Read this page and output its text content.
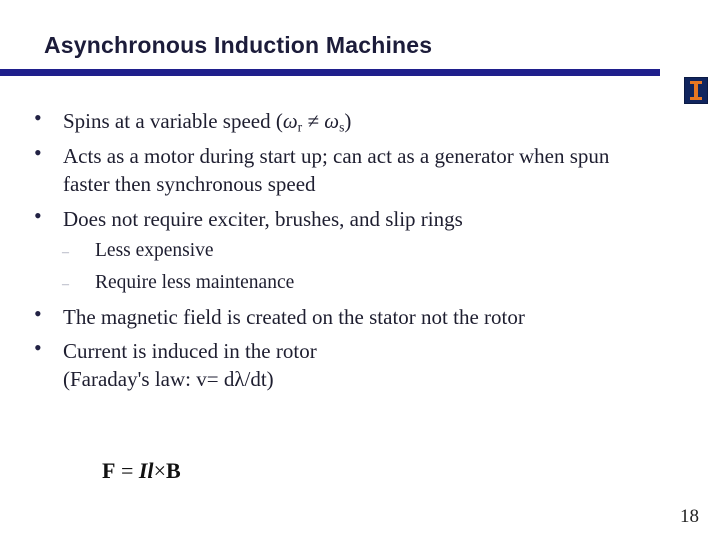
Asynchronous Induction Machines
• Spins at a variable speed $(\omega_r \ne \omega_s)$
• Acts as a motor during start up; can act as a generator when spun
faster then synchronous speed
• Does not require exciter, brushes, and slip rings
– Less expensive
– Require less maintenance
• The magnetic field is created on the stator not the rotor
• Current is induced in the rotor
(Faraday's law: v= dλ/dt)
F = Il×B
18
